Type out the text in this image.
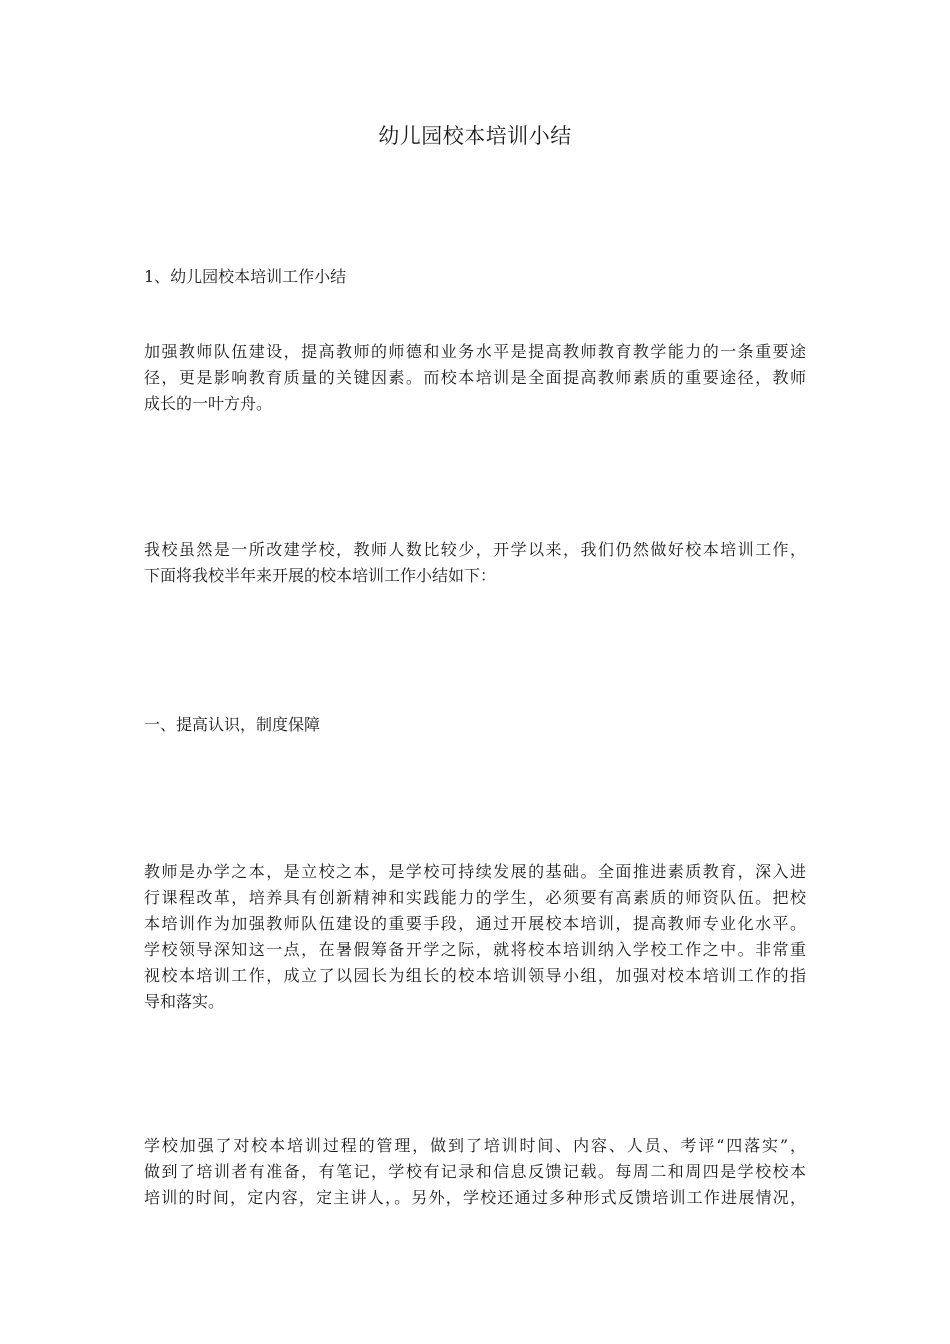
幼儿园校本培训小结
1、幼儿园校本培训工作小结
加强教师队伍建设，提高教师的师德和业务水平是提高教师教育教学能力的一条重要途
径，更是影响教育质量的关键因素。而校本培训是全面提高教师素质的重要途径，教师
成长的一叶方舟。
我校虽然是一所改建学校，教师人数比较少，开学以来，我们仍然做好校本培训工作，
下面将我校半年来开展的校本培训工作小结如下：
一、提高认识，制度保障
教师是办学之本，是立校之本，是学校可持续发展的基础。全面推进素质教育，深入进
行课程改革，培养具有创新精神和实践能力的学生，必须要有高素质的师资队伍。把校
本培训作为加强教师队伍建设的重要手段，通过开展校本培训，提高教师专业化水平。
学校领导深知这一点，在暑假筹备开学之际，就将校本培训纳入学校工作之中。非常重
视校本培训工作，成立了以园长为组长的校本培训领导小组，加强对校本培训工作的指
导和落实。
学校加强了对校本培训过程的管理，做到了培训时间、内容、人员、考评“四落实”，
做到了培训者有准备，有笔记，学校有记录和信息反馈记载。每周二和周四是学校校本
培训的时间，定内容，定主讲人，。另外，学校还通过多种形式反馈培训工作进展情况，
